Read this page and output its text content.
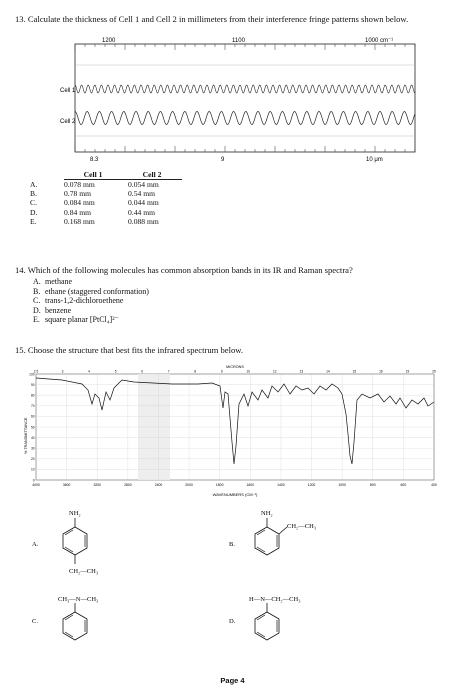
13. Calculate the thickness of Cell 1 and Cell 2 in millimeters from their interference fringe patterns shown below.
1200	1100	1000 cm⁻¹
8.3	9	10 μm
Cell 1
Cell 2
	Cell 1	Cell 2
A.	0.078 mm	0.054 mm
B.	0.78 mm	0.54 mm
C.	0.084 mm	0.044 mm
D.	0.84 mm	0.44 mm
E.	0.168 mm	0.088 mm
14. Which of the following molecules has common absorption bands in its IR and Raman spectra?
A. methane
B. ethane (staggered conformation)
C. trans-1,2-dichloroethene
D. benzene
E. square planar [PtCl₄]²⁻
15. Choose the structure that best fits the infrared spectrum below.
100
90
80
70
60
50
40
30
20
10
0
4000	3600	3200	2800	2400	2000	1800	1600	1400	1200	1000	800	600	400
2.5	3	4	5	6	7	8	9	10	12	13	14	15	16	19	25
MICRONS
WAVENUMBERS (CM⁻¹)
% TRANSMITTANCE
A.
NH₂
CH₂—CH₃
B.
NH₂
CH₂—CH₃
C.
CH₃—N—CH₃
D.
H—N—CH₂—CH₃
Page 4
